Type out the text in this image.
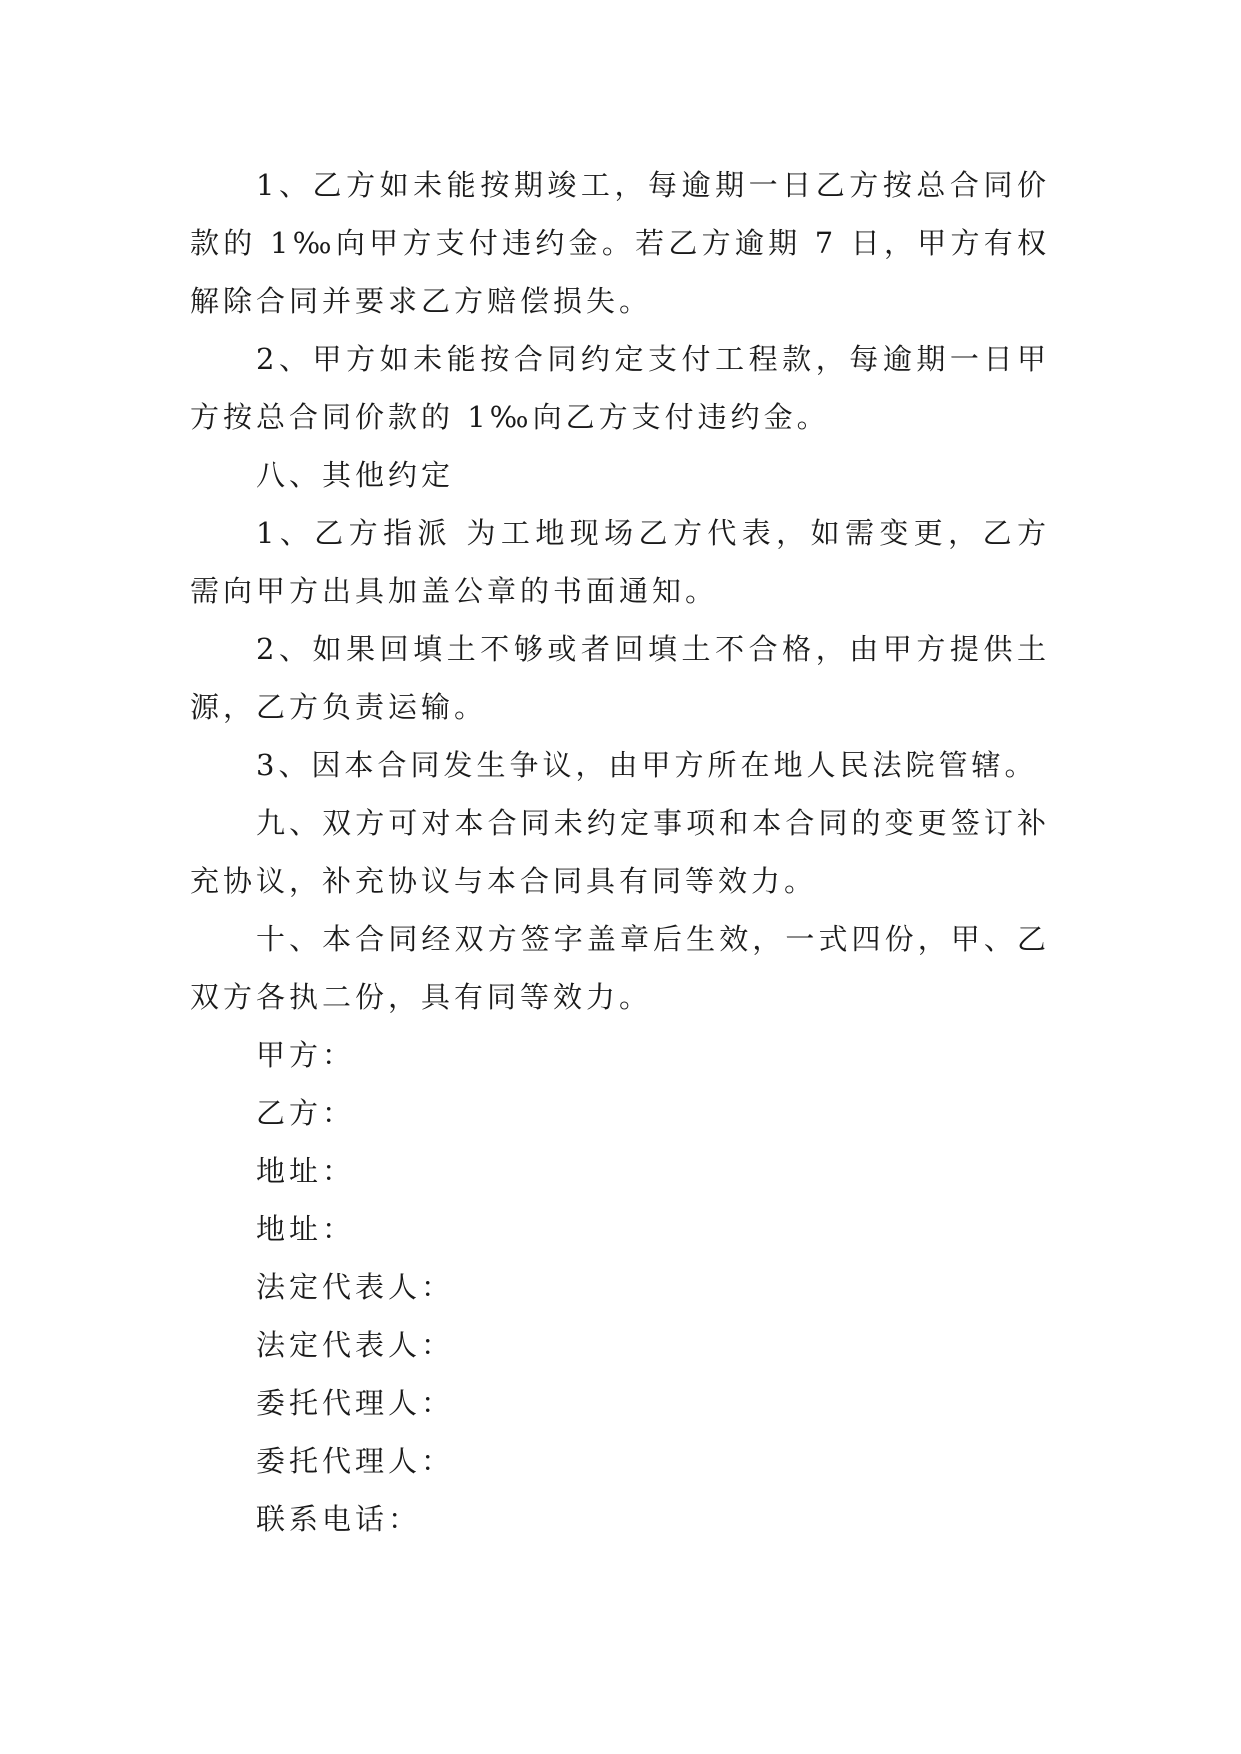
1、乙方如未能按期竣工，每逾期一日乙方按总合同价款的 1‰向甲方支付违约金。若乙方逾期 7 日，甲方有权解除合同并要求乙方赔偿损失。

2、甲方如未能按合同约定支付工程款，每逾期一日甲方按总合同价款的 1‰向乙方支付违约金。

八、其他约定

1、乙方指派 为工地现场乙方代表，如需变更，乙方需向甲方出具加盖公章的书面通知。

2、如果回填土不够或者回填土不合格，由甲方提供土源，乙方负责运输。

3、因本合同发生争议，由甲方所在地人民法院管辖。

九、双方可对本合同未约定事项和本合同的变更签订补充协议，补充协议与本合同具有同等效力。

十、本合同经双方签字盖章后生效，一式四份，甲、乙双方各执二份，具有同等效力。

甲方：

乙方：

地址：

地址：

法定代表人：

法定代表人：

委托代理人：

委托代理人：

联系电话：
